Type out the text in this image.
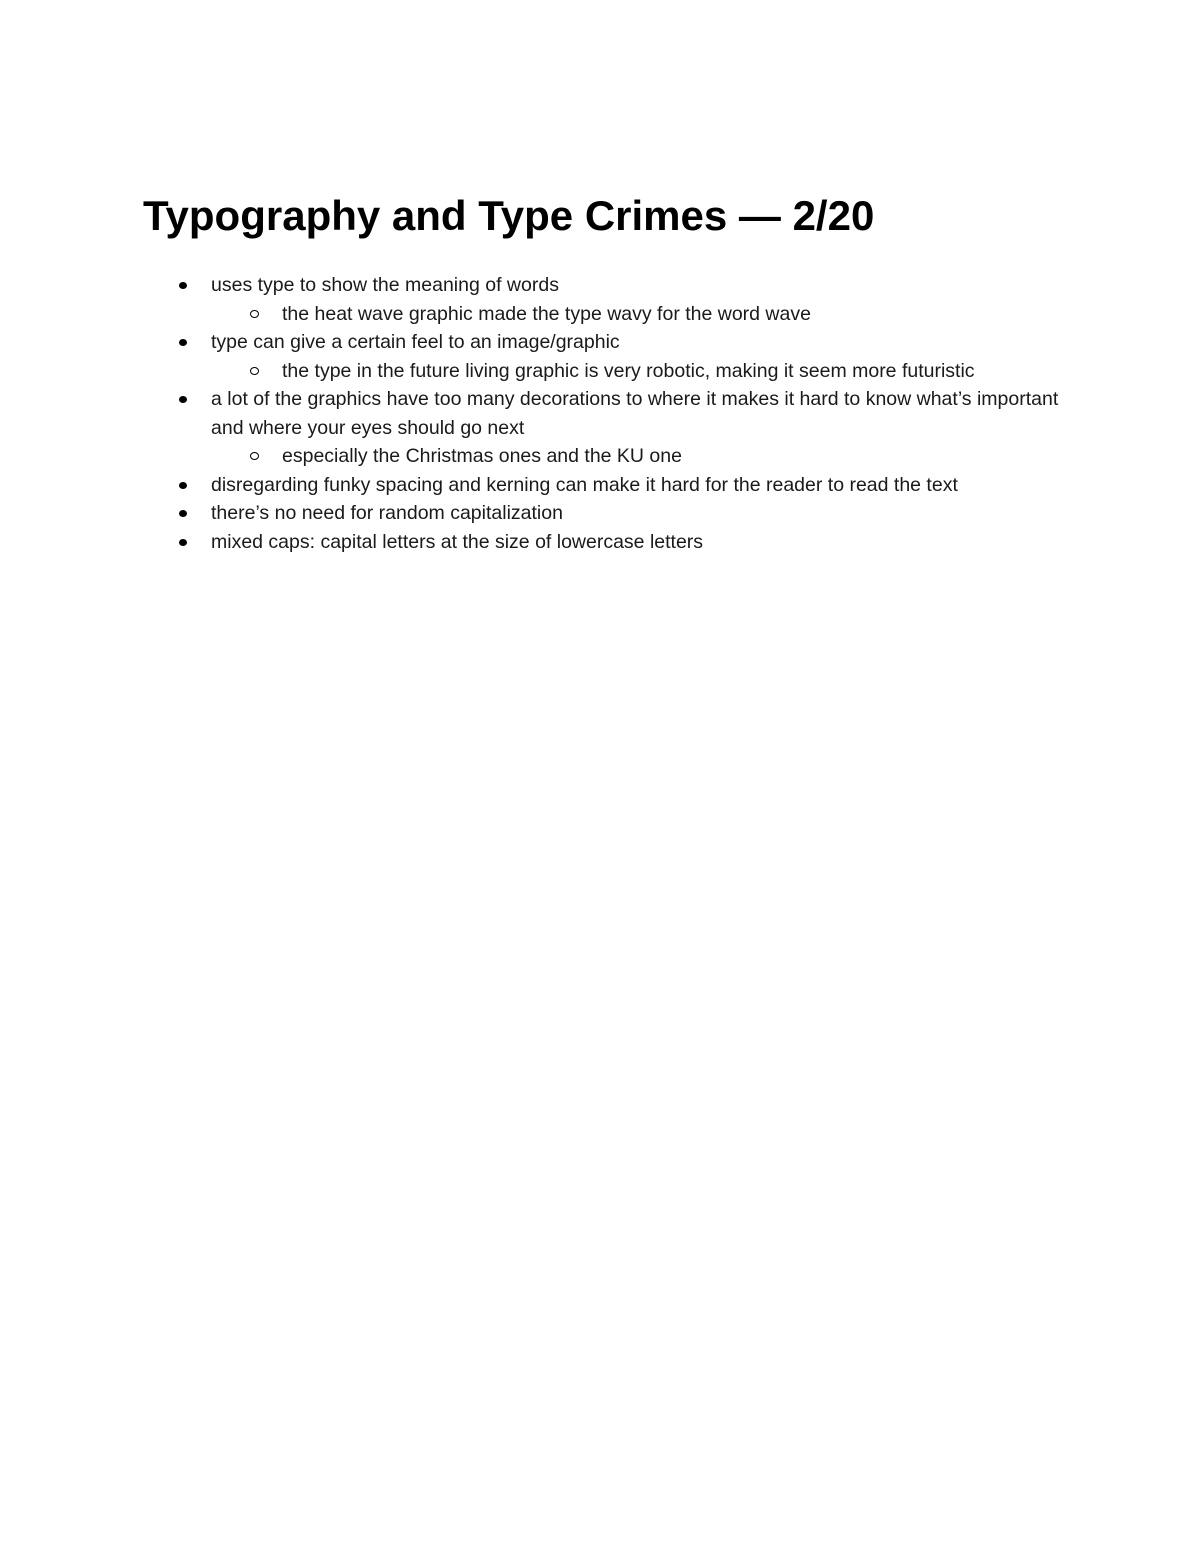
Typography and Type Crimes — 2/20
uses type to show the meaning of words
the heat wave graphic made the type wavy for the word wave
type can give a certain feel to an image/graphic
the type in the future living graphic is very robotic, making it seem more futuristic
a lot of the graphics have too many decorations to where it makes it hard to know what’s important and where your eyes should go next
especially the Christmas ones and the KU one
disregarding funky spacing and kerning can make it hard for the reader to read the text
there’s no need for random capitalization
mixed caps: capital letters at the size of lowercase letters
